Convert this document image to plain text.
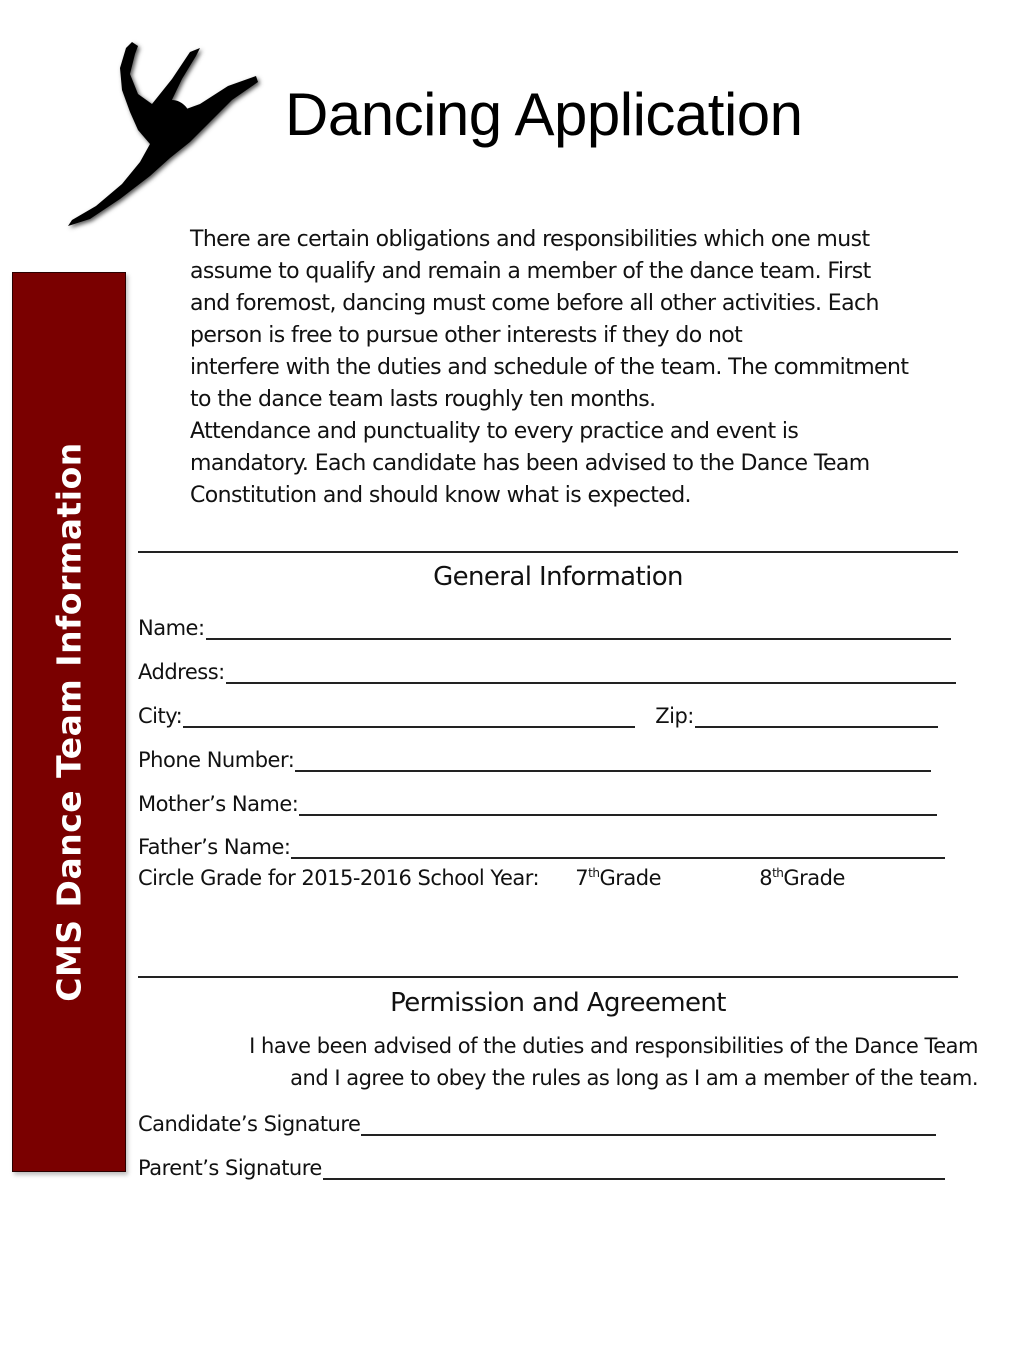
Dancing Application
CMS Dance Team Information
There are certain obligations and responsibilities which one must
assume to qualify and remain a member of the dance team. First
and foremost, dancing must come before all other activities. Each
person is free to pursue other interests if they do not
interfere with the duties and schedule of the team. The commitment
to the dance team lasts roughly ten months.
Attendance and punctuality to every practice and event is
mandatory. Each candidate has been advised to the Dance Team
Constitution and should know what is expected.
General Information
Name:
Address:
City:	Zip:
Phone Number:
Mother’s Name:
Father’s Name:
Circle Grade for 2015-2016 School Year: 7thGrade	8thGrade
Permission and Agreement
I have been advised of the duties and responsibilities of the Dance Team
and I agree to obey the rules as long as I am a member of the team.
Candidate’s Signature
Parent’s Signature
